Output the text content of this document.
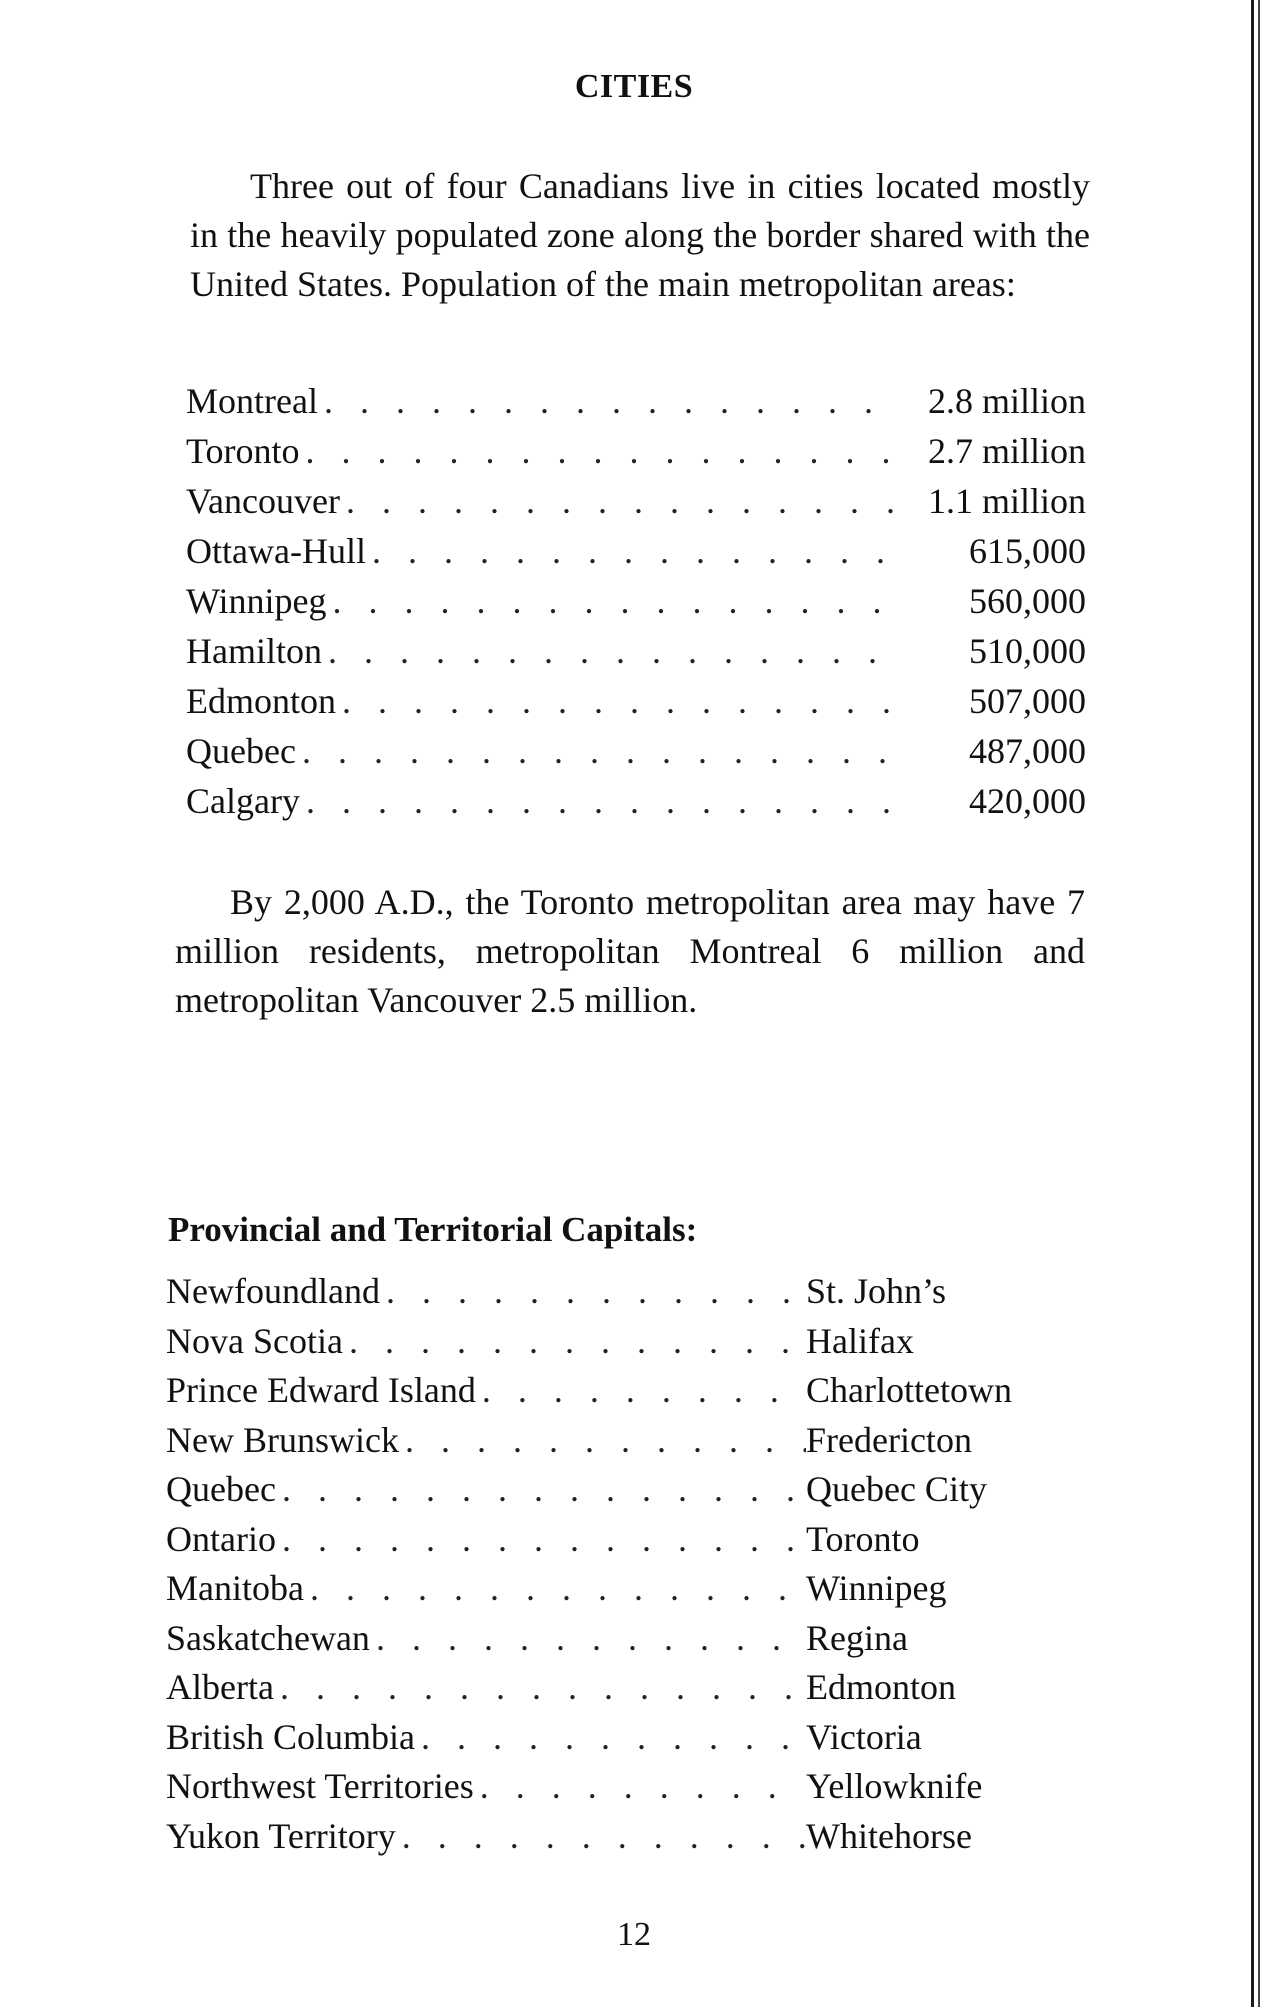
CITIES

Three out of four Canadians live in cities located mostly in the heavily populated zone along the border shared with the United States. Population of the main metropolitan areas:

Montreal . . .	2.8 million
Toronto . . .	2.7 million
Vancouver . . .	1.1 million
Ottawa-Hull . . .	615,000
Winnipeg . . .	560,000
Hamilton . . .	510,000
Edmonton . . .	507,000
Quebec . . .	487,000
Calgary . . .	420,000

By 2,000 A.D., the Toronto metropolitan area may have 7 million residents, metropolitan Montreal 6 million and metropolitan Vancouver 2.5 million.

Provincial and Territorial Capitals:
Newfoundland . . .	St. John’s
Nova Scotia . . .	Halifax
Prince Edward Island . . .	Charlottetown
New Brunswick . . .	Fredericton
Quebec . . .	Quebec City
Ontario . . .	Toronto
Manitoba . . .	Winnipeg
Saskatchewan . . .	Regina
Alberta . . .	Edmonton
British Columbia . . .	Victoria
Northwest Territories . . .	Yellowknife
Yukon Territory . . .	Whitehorse
12
